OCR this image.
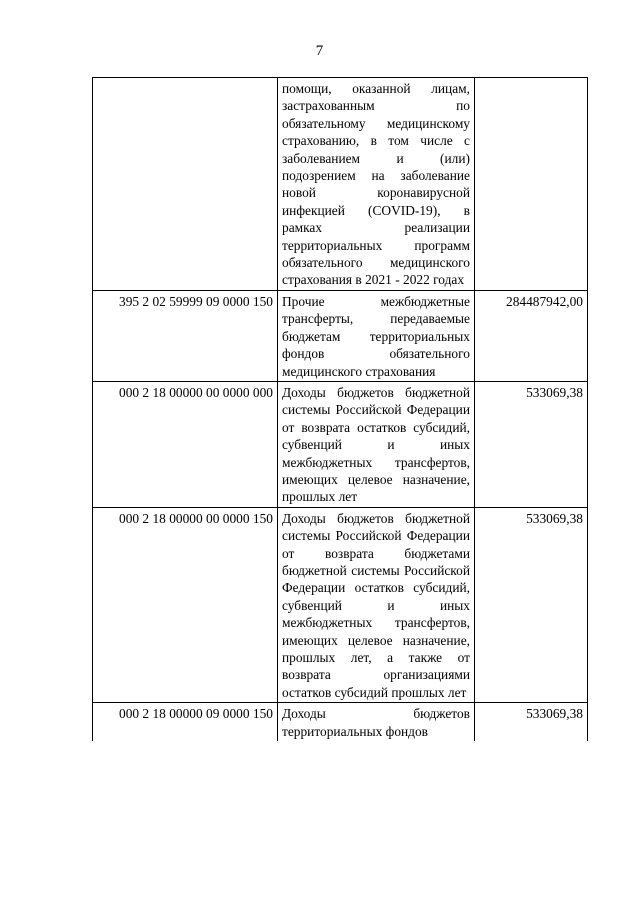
7
	помощи, оказанной лицам, застрахованным по обязательному медицинскому страхованию, в том числе с заболеванием и (или) подозрением на заболевание новой коронавирусной инфекцией (COVID-19), в рамках реализации территориальных программ обязательного медицинского страхования в 2021 - 2022 годах	
395 2 02 59999 09 0000 150	Прочие межбюджетные трансферты, передаваемые бюджетам территориальных фондов обязательного медицинского страхования	284487942,00
000 2 18 00000 00 0000 000	Доходы бюджетов бюджетной системы Российской Федерации от возврата остатков субсидий, субвенций и иных межбюджетных трансфертов, имеющих целевое назначение, прошлых лет	533069,38
000 2 18 00000 00 0000 150	Доходы бюджетов бюджетной системы Российской Федерации от возврата бюджетами бюджетной системы Российской Федерации остатков субсидий, субвенций и иных межбюджетных трансфертов, имеющих целевое назначение, прошлых лет, а также от возврата организациями остатков субсидий прошлых лет	533069,38
000 2 18 00000 09 0000 150	Доходы бюджетов территориальных фондов	533069,38
